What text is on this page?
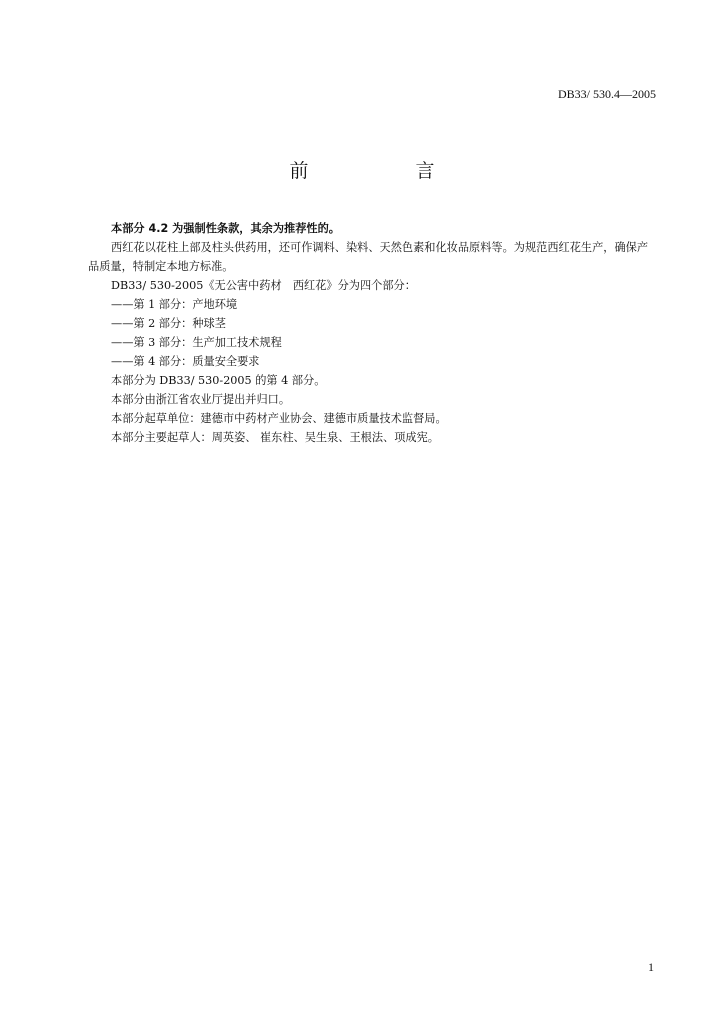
DB33/ 530.4—2005
前　言

本部分 4.2 为强制性条款，其余为推荐性的。

西红花以花柱上部及柱头供药用，还可作调料、染料、天然色素和化妆品原料等。为规范西红花生产，确保产品质量，特制定本地方标准。

DB33/ 530-2005《无公害中药材　西红花》分为四个部分：

——第 1 部分：产地环境

——第 2 部分：种球茎

——第 3 部分：生产加工技术规程

——第 4 部分：质量安全要求

本部分为 DB33/ 530-2005 的第 4 部分。

本部分由浙江省农业厅提出并归口。

本部分起草单位：建德市中药材产业协会、建德市质量技术监督局。

本部分主要起草人：周英姿、 崔东柱、吴生泉、王根法、项成宪。

1
